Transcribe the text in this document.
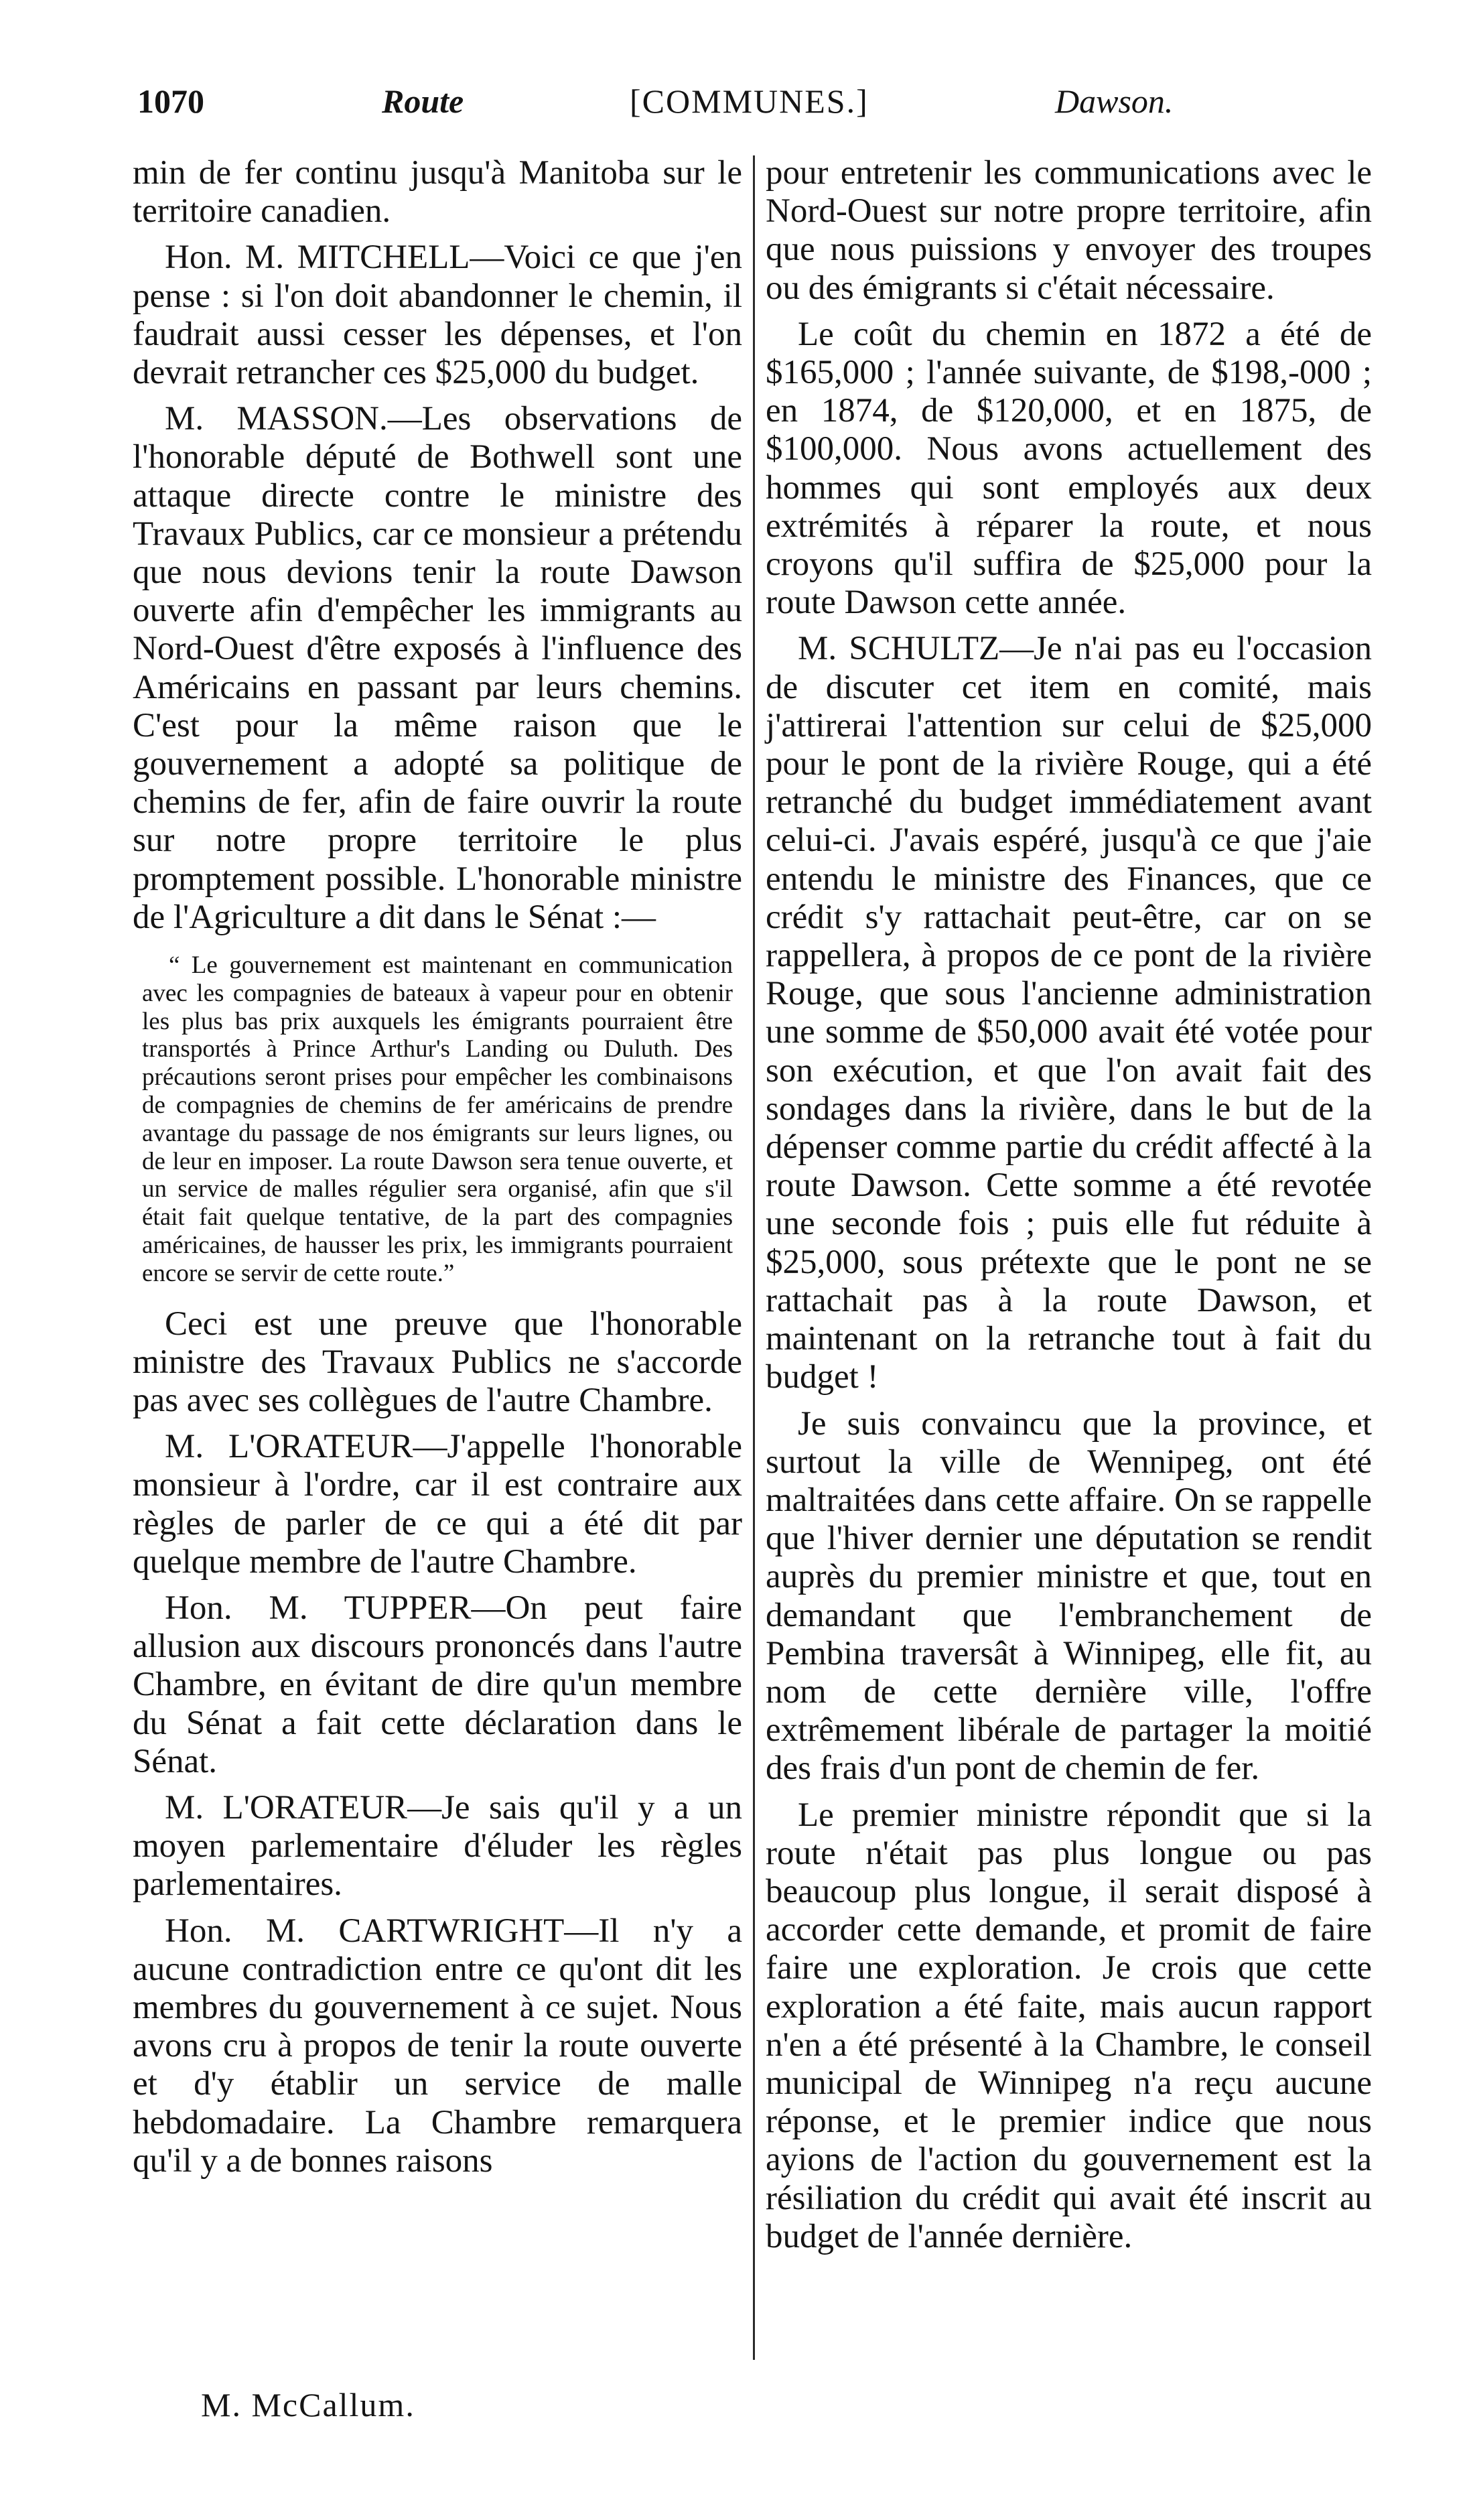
1070	Route	[COMMUNES.]	Dawson.

min de fer continu jusqu'à Manitoba sur le territoire canadien.

Hon. M. MITCHELL—Voici ce que j'en pense : si l'on doit abandonner le chemin, il faudrait aussi cesser les dépenses, et l'on devrait retrancher ces $25,000 du budget.

M. MASSON.—Les observations de l'honorable député de Bothwell sont une attaque directe contre le ministre des Travaux Publics, car ce monsieur a prétendu que nous devions tenir la route Dawson ouverte afin d'empêcher les immigrants au Nord-Ouest d'être exposés à l'influence des Américains en passant par leurs chemins. C'est pour la même raison que le gouvernement a adopté sa politique de chemins de fer, afin de faire ouvrir la route sur notre propre territoire le plus promptement possible. L'honorable ministre de l'Agriculture a dit dans le Sénat :—

“ Le gouvernement est maintenant en communication avec les compagnies de bateaux à vapeur pour en obtenir les plus bas prix auxquels les émigrants pourraient être transportés à Prince Arthur's Landing ou Duluth. Des précautions seront prises pour empêcher les combinaisons de compagnies de chemins de fer américains de prendre avantage du passage de nos émigrants sur leurs lignes, ou de leur en imposer. La route Dawson sera tenue ouverte, et un service de malles régulier sera organisé, afin que s'il était fait quelque tentative, de la part des compagnies américaines, de hausser les prix, les immigrants pourraient encore se servir de cette route.”

Ceci est une preuve que l'honorable ministre des Travaux Publics ne s'accorde pas avec ses collègues de l'autre Chambre.

M. L'ORATEUR—J'appelle l'honorable monsieur à l'ordre, car il est contraire aux règles de parler de ce qui a été dit par quelque membre de l'autre Chambre.

Hon. M. TUPPER—On peut faire allusion aux discours prononcés dans l'autre Chambre, en évitant de dire qu'un membre du Sénat a fait cette déclaration dans le Sénat.

M. L'ORATEUR—Je sais qu'il y a un moyen parlementaire d'éluder les règles parlementaires.

Hon. M. CARTWRIGHT—Il n'y a aucune contradiction entre ce qu'ont dit les membres du gouvernement à ce sujet. Nous avons cru à propos de tenir la route ouverte et d'y établir un service de malle hebdomadaire. La Chambre remarquera qu'il y a de bonnes raisons

pour entretenir les communications avec le Nord-Ouest sur notre propre territoire, afin que nous puissions y envoyer des troupes ou des émigrants si c'était nécessaire.

Le coût du chemin en 1872 a été de $165,000 ; l'année suivante, de $198,-000 ; en 1874, de $120,000, et en 1875, de $100,000. Nous avons actuellement des hommes qui sont employés aux deux extrémités à réparer la route, et nous croyons qu'il suffira de $25,000 pour la route Dawson cette année.

M. SCHULTZ—Je n'ai pas eu l'occasion de discuter cet item en comité, mais j'attirerai l'attention sur celui de $25,000 pour le pont de la rivière Rouge, qui a été retranché du budget immédiatement avant celui-ci. J'avais espéré, jusqu'à ce que j'aie entendu le ministre des Finances, que ce crédit s'y rattachait peut-être, car on se rappellera, à propos de ce pont de la rivière Rouge, que sous l'ancienne administration une somme de $50,000 avait été votée pour son exécution, et que l'on avait fait des sondages dans la rivière, dans le but de la dépenser comme partie du crédit affecté à la route Dawson. Cette somme a été revotée une seconde fois ; puis elle fut réduite à $25,000, sous prétexte que le pont ne se rattachait pas à la route Dawson, et maintenant on la retranche tout à fait du budget !

Je suis convaincu que la province, et surtout la ville de Wennipeg, ont été maltraitées dans cette affaire. On se rappelle que l'hiver dernier une députation se rendit auprès du premier ministre et que, tout en demandant que l'embranchement de Pembina traversât à Winnipeg, elle fit, au nom de cette dernière ville, l'offre extrêmement libérale de partager la moitié des frais d'un pont de chemin de fer.

Le premier ministre répondit que si la route n'était pas plus longue ou pas beaucoup plus longue, il serait disposé à accorder cette demande, et promit de faire faire une exploration. Je crois que cette exploration a été faite, mais aucun rapport n'en a été présenté à la Chambre, le conseil municipal de Winnipeg n'a reçu aucune réponse, et le premier indice que nous ayions de l'action du gouvernement est la résiliation du crédit qui avait été inscrit au budget de l'année dernière.

M. McCallum.
